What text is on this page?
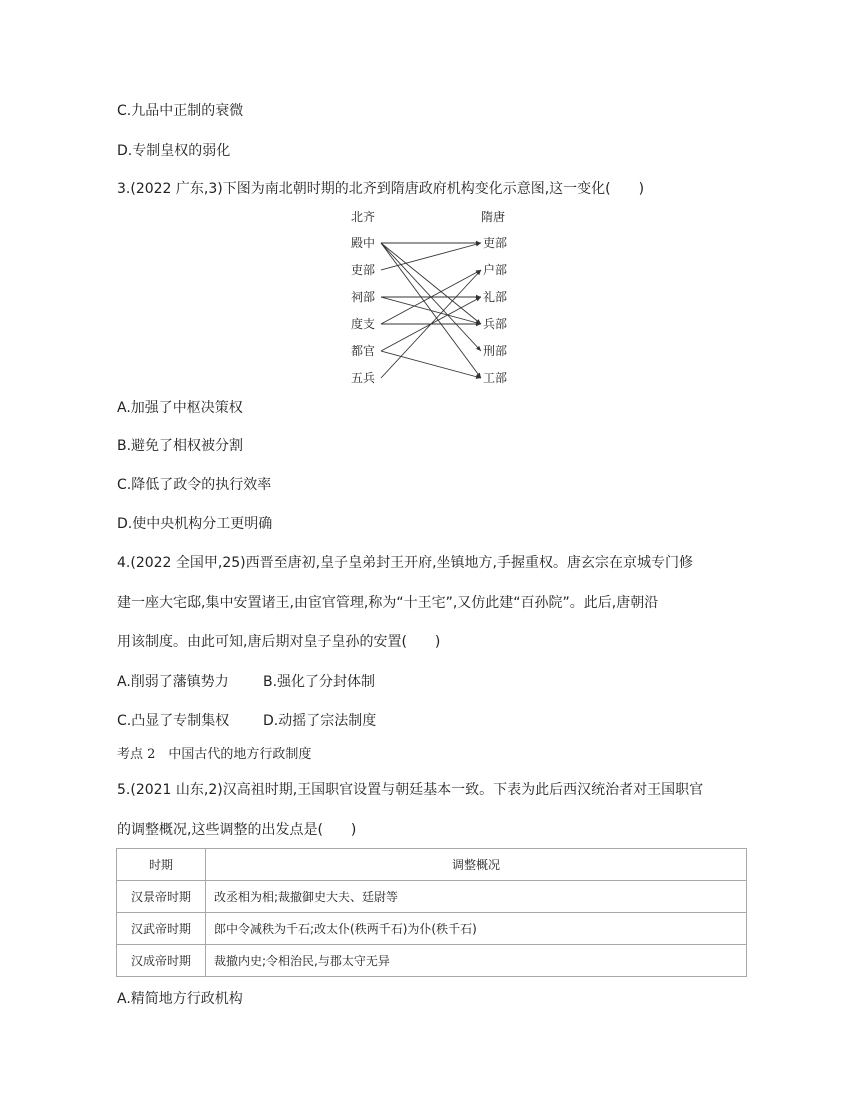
C.九品中正制的衰微
D.专制皇权的弱化
3.(2022 广东,3)下图为南北朝时期的北齐到隋唐政府机构变化示意图,这一变化(　　)
北齐	隋唐
殿中
吏部
祠部
度支
都官
五兵
吏部
户部
礼部
兵部
刑部
工部
A.加强了中枢决策权
B.避免了相权被分割
C.降低了政令的执行效率
D.使中央机构分工更明确
4.(2022 全国甲,25)西晋至唐初,皇子皇弟封王开府,坐镇地方,手握重权。唐玄宗在京城专门修
建一座大宅邸,集中安置诸王,由宦官管理,称为“十王宅”,又仿此建“百孙院”。此后,唐朝沿
用该制度。由此可知,唐后期对皇子皇孙的安置(　　)
A.削弱了藩镇势力 B.强化了分封体制
C.凸显了专制集权 D.动摇了宗法制度
考点 2　中国古代的地方行政制度
5.(2021 山东,2)汉高祖时期,王国职官设置与朝廷基本一致。下表为此后西汉统治者对王国职官
的调整概况,这些调整的出发点是(　　)
时期	调整概况
汉景帝时期	改丞相为相;裁撤御史大夫、廷尉等
汉武帝时期	郎中令减秩为千石;改太仆(秩两千石)为仆(秩千石)
汉成帝时期	裁撤内史;令相治民,与郡太守无异
A.精简地方行政机构
